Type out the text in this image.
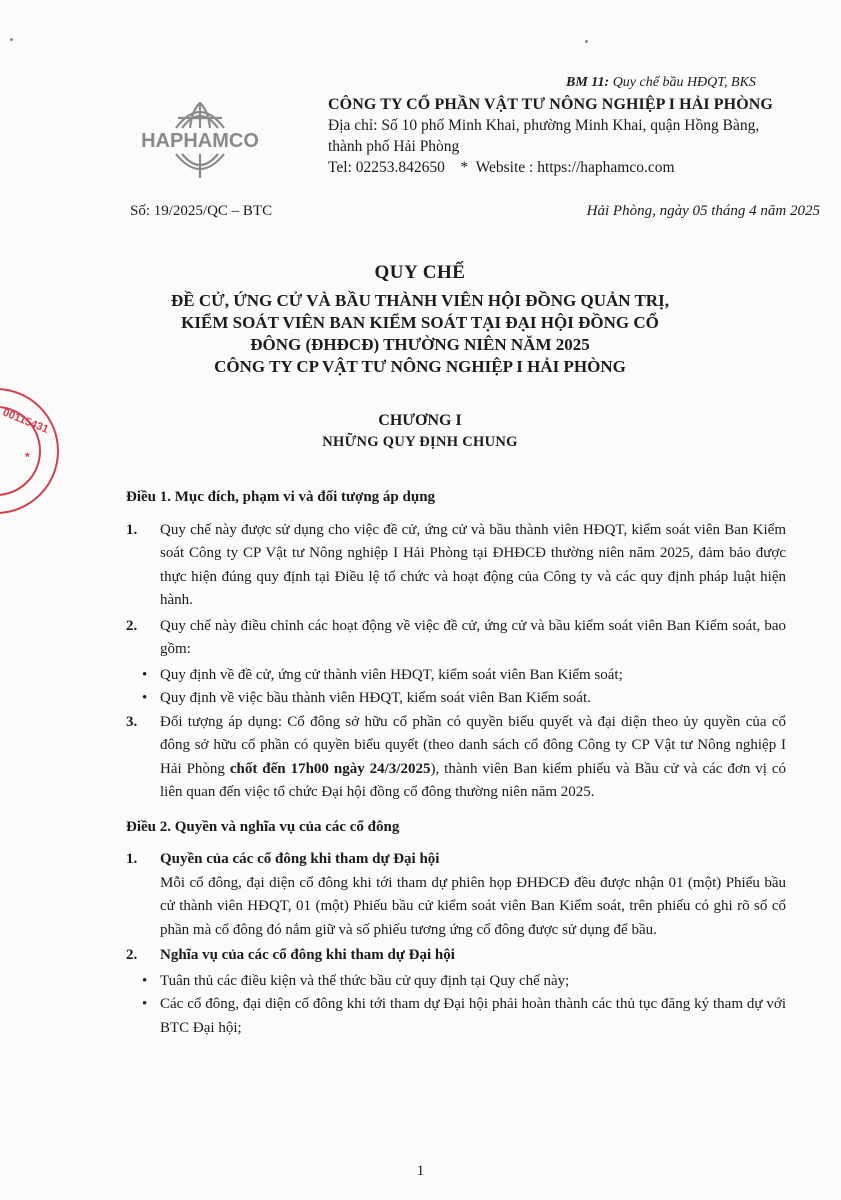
BM 11: Quy chế bầu HĐQT, BKS
HAPHAMCO
CÔNG TY CỔ PHẦN VẬT TƯ NÔNG NGHIỆP I HẢI PHÒNG
Địa chỉ: Số 10 phố Minh Khai, phường Minh Khai, quận Hồng Bàng,
thành phố Hải Phòng
Tel: 02253.842650    *  Website : https://haphamco.com
Số: 19/2025/QC – BTC	Hải Phòng, ngày 05 tháng 4 năm 2025
00115431
*
QUY CHẾ
ĐỀ CỬ, ỨNG CỬ VÀ BẦU THÀNH VIÊN HỘI ĐỒNG QUẢN TRỊ,
KIỂM SOÁT VIÊN BAN KIỂM SOÁT TẠI ĐẠI HỘI ĐỒNG CỔ
ĐÔNG (ĐHĐCĐ) THƯỜNG NIÊN NĂM 2025
CÔNG TY CP VẬT TƯ NÔNG NGHIỆP I HẢI PHÒNG
CHƯƠNG I
NHỮNG QUY ĐỊNH CHUNG
Điều 1. Mục đích, phạm vi và đối tượng áp dụng
1. Quy chế này được sử dụng cho việc đề cử, ứng cử và bầu thành viên HĐQT, kiểm soát viên Ban Kiểm soát Công ty CP Vật tư Nông nghiệp I Hải Phòng tại ĐHĐCĐ thường niên năm 2025, đảm bảo được thực hiện đúng quy định tại Điều lệ tổ chức và hoạt động của Công ty và các quy định pháp luật hiện hành.
2. Quy chế này điều chỉnh các hoạt động về việc đề cử, ứng cử và bầu kiểm soát viên Ban Kiểm soát, bao gồm:
• Quy định về đề cử, ứng cử thành viên HĐQT, kiểm soát viên Ban Kiểm soát;
• Quy định về việc bầu thành viên HĐQT, kiểm soát viên Ban Kiểm soát.
3. Đối tượng áp dụng: Cổ đông sở hữu cổ phần có quyền biểu quyết và đại diện theo ủy quyền của cổ đông sở hữu cổ phần có quyền biểu quyết (theo danh sách cổ đông Công ty CP Vật tư Nông nghiệp I Hải Phòng chốt đến 17h00 ngày 24/3/2025), thành viên Ban kiểm phiếu và Bầu cử và các đơn vị có liên quan đến việc tổ chức Đại hội đồng cổ đông thường niên năm 2025.
Điều 2. Quyền và nghĩa vụ của các cổ đông
1. Quyền của các cổ đông khi tham dự Đại hội
Mỗi cổ đông, đại diện cổ đông khi tới tham dự phiên họp ĐHĐCĐ đều được nhận 01 (một) Phiếu bầu cử thành viên HĐQT, 01 (một) Phiếu bầu cử kiểm soát viên Ban Kiểm soát, trên phiếu có ghi rõ số cổ phần mà cổ đông đó nắm giữ và số phiếu tương ứng cổ đông được sử dụng để bầu.
2. Nghĩa vụ của các cổ đông khi tham dự Đại hội
• Tuân thủ các điều kiện và thể thức bầu cử quy định tại Quy chế này;
• Các cổ đông, đại diện cổ đông khi tới tham dự Đại hội phải hoàn thành các thủ tục đăng ký tham dự với BTC Đại hội;
1
